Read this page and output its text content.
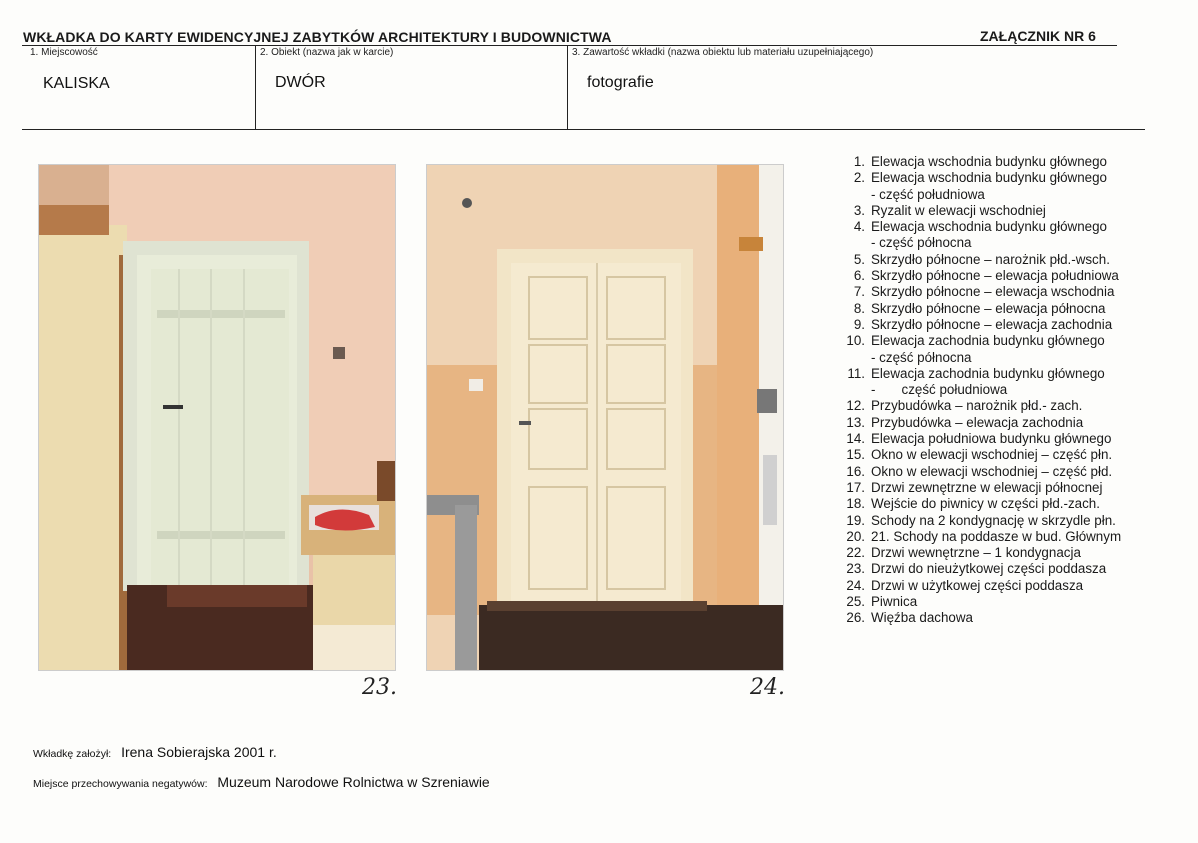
WKŁADKA DO KARTY EWIDENCYJNEJ ZABYTKÓW ARCHITEKTURY I BUDOWNICTWA	ZAŁĄCZNIK NR 6
1. Miejscowość
KALISKA
2. Obiekt (nazwa jak w karcie)
DWÓR
3. Zawartość wkładki (nazwa obiektu lub materiału uzupełniającego)
fotografie
23.	24.
1. Elewacja wschodnia budynku głównego
2. Elewacja wschodnia budynku głównego
- część południowa
3. Ryzalit w elewacji wschodniej
4. Elewacja wschodnia budynku głównego
- część północna
5. Skrzydło północne – narożnik płd.-wsch.
6. Skrzydło północne – elewacja południowa
7. Skrzydło północne – elewacja wschodnia
8. Skrzydło północne – elewacja północna
9. Skrzydło północne – elewacja zachodnia
10. Elewacja zachodnia budynku głównego
- część północna
11. Elewacja zachodnia budynku głównego
-       część południowa
12. Przybudówka – narożnik płd.- zach.
13. Przybudówka – elewacja zachodnia
14. Elewacja południowa budynku głównego
15. Okno w elewacji wschodniej – część płn.
16. Okno w elewacji wschodniej – część płd.
17. Drzwi zewnętrzne w elewacji północnej
18. Wejście do piwnicy w części płd.-zach.
19. Schody na 2 kondygnację w skrzydle płn.
20. 21. Schody na poddasze w bud. Głównym
22. Drzwi wewnętrzne – 1 kondygnacja
23. Drzwi do nieużytkowej części poddasza
24. Drzwi w użytkowej części poddasza
25. Piwnica
26. Więźba dachowa
Wkładkę założył: Irena Sobierajska 2001 r.
Miejsce przechowywania negatywów: Muzeum Narodowe Rolnictwa w Szreniawie
